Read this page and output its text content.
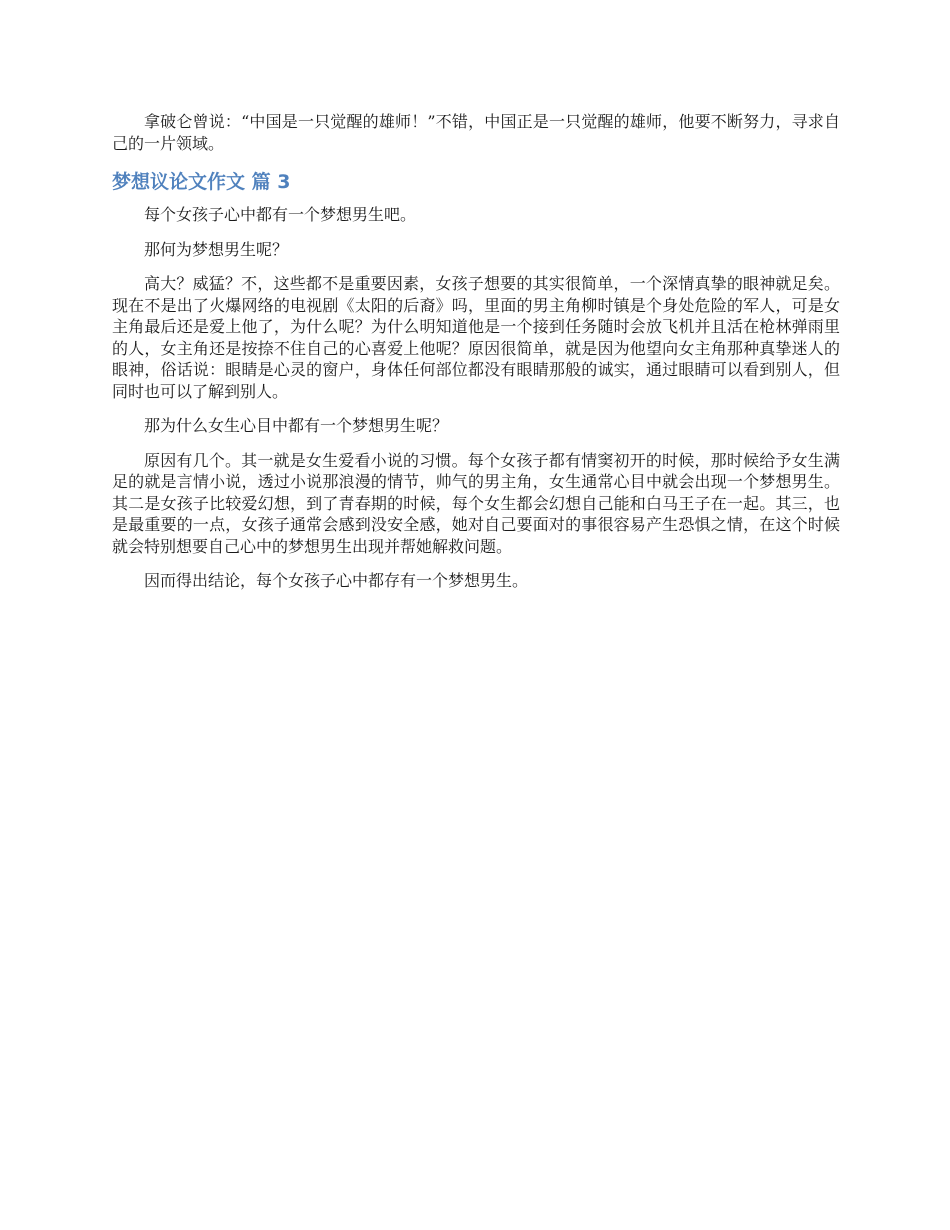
拿破仑曾说：“中国是一只觉醒的雄师！”不错，中国正是一只觉醒的雄师，他要不断努力，寻求自己的一片领域。

梦想议论文作文 篇 3

每个女孩子心中都有一个梦想男生吧。

那何为梦想男生呢？

高大？威猛？不，这些都不是重要因素，女孩子想要的其实很简单，一个深情真挚的眼神就足矣。现在不是出了火爆网络的电视剧《太阳的后裔》吗，里面的男主角柳时镇是个身处危险的军人，可是女主角最后还是爱上他了，为什么呢？为什么明知道他是一个接到任务随时会放飞机并且活在枪林弹雨里的人，女主角还是按捺不住自己的心喜爱上他呢？原因很简单，就是因为他望向女主角那种真挚迷人的眼神，俗话说：眼睛是心灵的窗户，身体任何部位都没有眼睛那般的诚实，通过眼睛可以看到别人，但同时也可以了解到别人。

那为什么女生心目中都有一个梦想男生呢？

原因有几个。其一就是女生爱看小说的习惯。每个女孩子都有情窦初开的时候，那时候给予女生满足的就是言情小说，透过小说那浪漫的情节，帅气的男主角，女生通常心目中就会出现一个梦想男生。其二是女孩子比较爱幻想，到了青春期的时候，每个女生都会幻想自己能和白马王子在一起。其三，也是最重要的一点，女孩子通常会感到没安全感，她对自己要面对的事很容易产生恐惧之情，在这个时候就会特别想要自己心中的梦想男生出现并帮她解救问题。

因而得出结论，每个女孩子心中都存有一个梦想男生。
